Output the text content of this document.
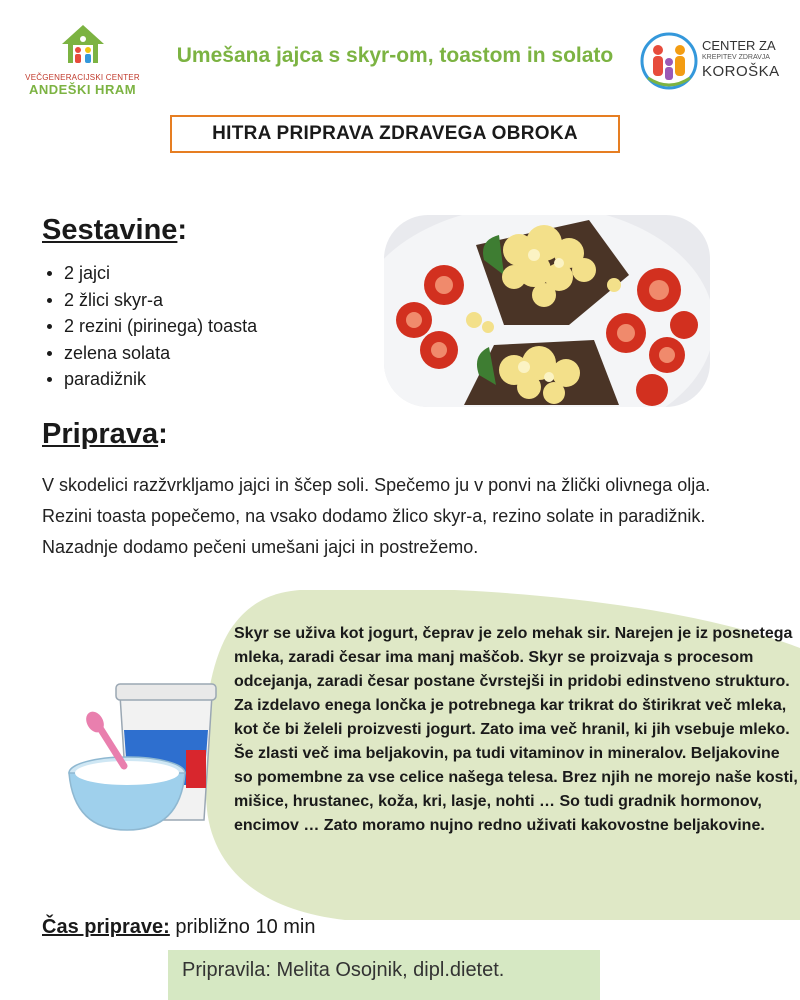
VEČGENERACIJSKI CENTER
ANDEŠKI HRAM
Umešana jajca s skyr-om, toastom in solato	CENTER ZA
KREPITEV ZDRAVJA
KOROŠKA
HITRA PRIPRAVA ZDRAVEGA OBROKA
Sestavine:
2 jajci
2 žlici skyr-a
2 rezini (pirinega) toasta
zelena solata
paradižnik
Priprava:
V skodelici razžvrkljamo jajci in ščep soli. Spečemo ju v ponvi na žlički olivnega olja. Rezini toasta popečemo, na vsako dodamo žlico skyr-a, rezino solate in paradižnik. Nazadnje dodamo pečeni umešani jajci in postrežemo.
Skyr se uživa kot jogurt, čeprav je zelo mehak sir. Narejen je iz posnetega mleka, zaradi česar ima manj maščob. Skyr se proizvaja s procesom odcejanja, zaradi česar postane čvrstejši in pridobi edinstveno strukturo. Za izdelavo enega lončka je potrebnega kar trikrat do štirikrat več mleka, kot če bi želeli proizvesti jogurt. Zato ima več hranil, ki jih vsebuje mleko. Še zlasti več ima beljakovin, pa tudi vitaminov in mineralov. Beljakovine so pomembne za vse celice našega telesa. Brez njih ne morejo naše kosti, mišice, hrustanec, koža, kri, lasje, nohti … So tudi gradnik hormonov, encimov … Zato moramo nujno redno uživati kakovostne beljakovine.
Čas priprave: približno 10 min
Pripravila: Melita Osojnik, dipl.dietet.
